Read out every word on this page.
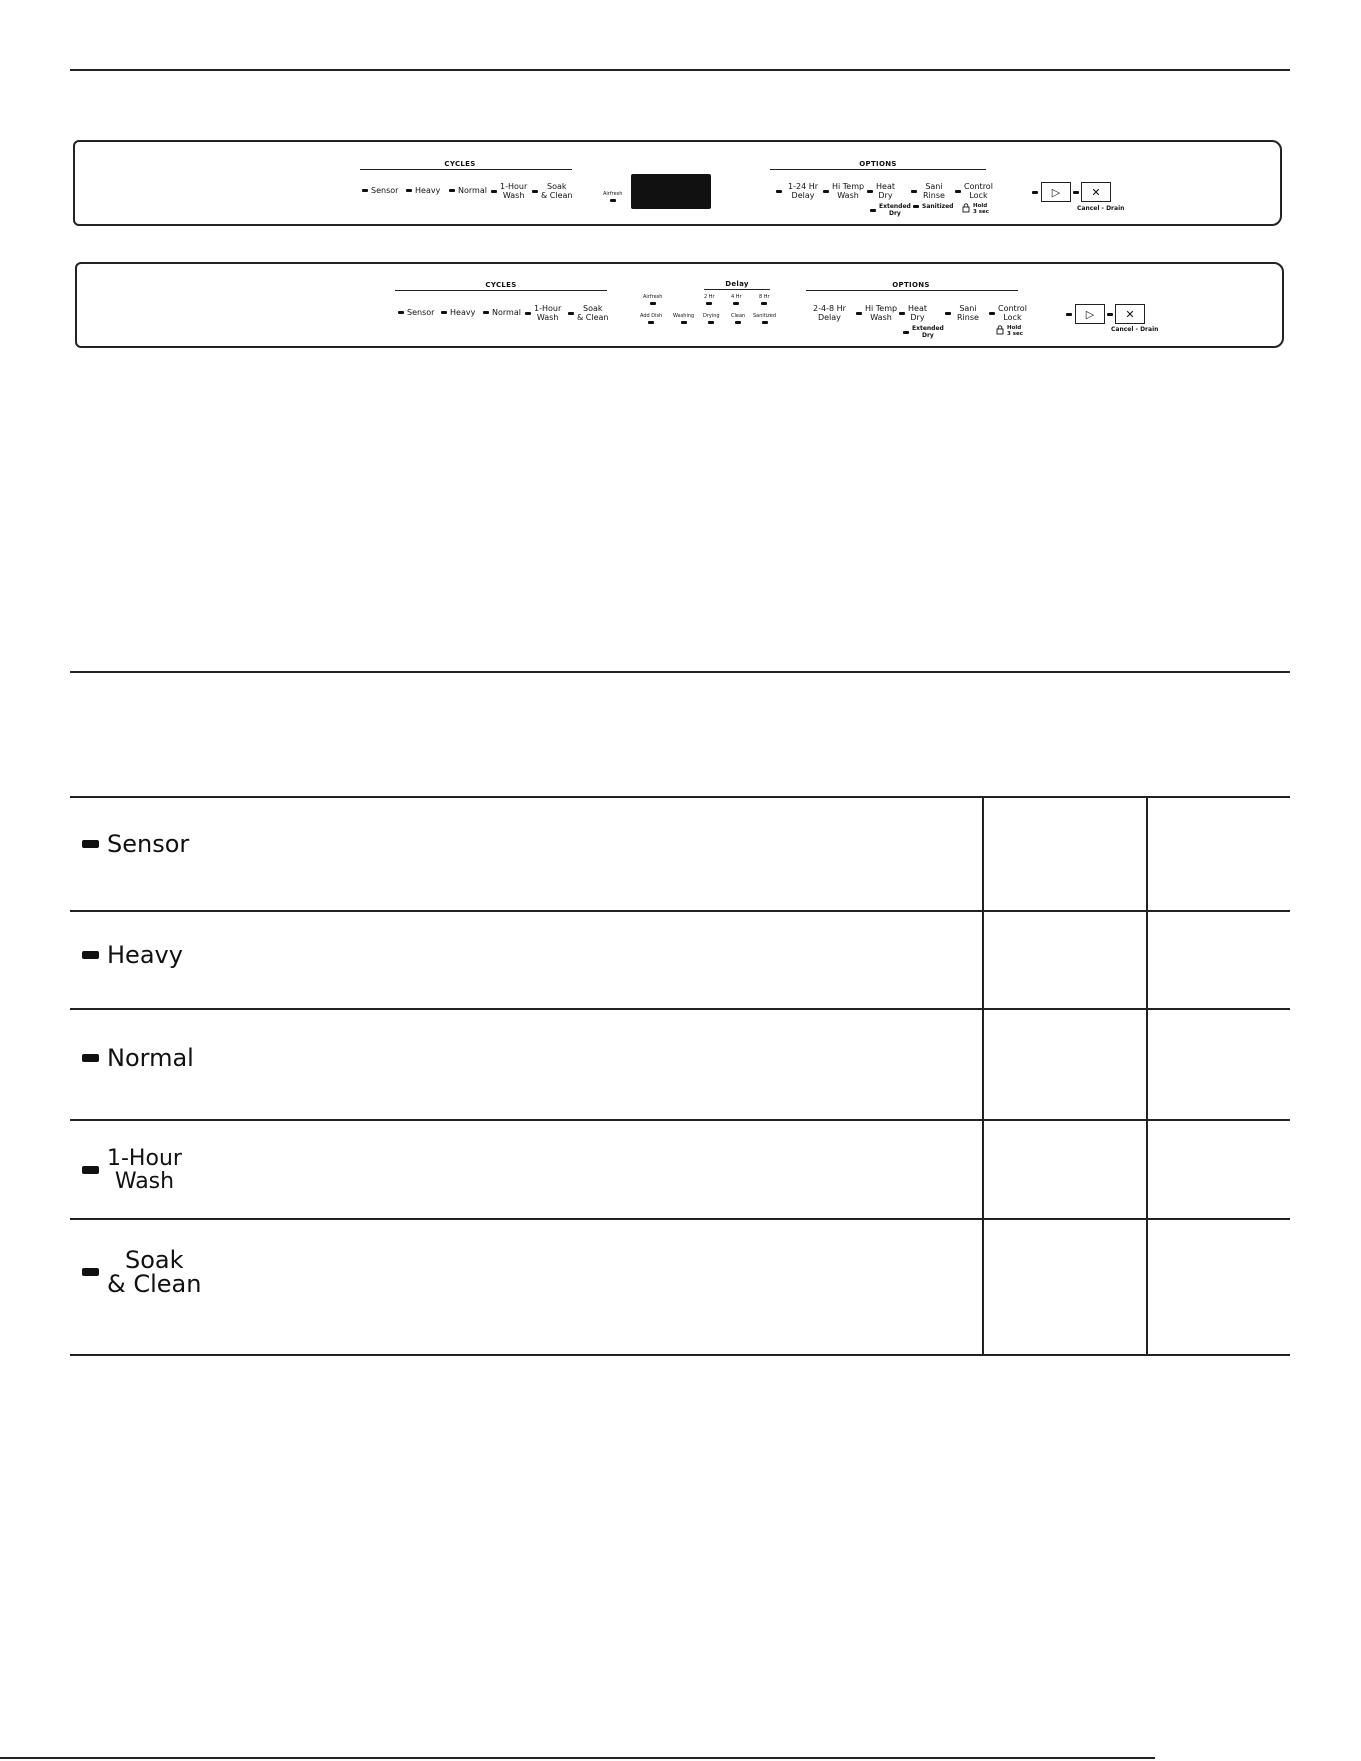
CYCLES
Sensor Heavy Normal 1-Hour
Wash
Soak
& Clean	Airfresh
OPTIONS
1-24 Hr
Delay
Hi Temp
Wash
Heat
Dry
Sani
Rinse
Control
Lock
Extended
Dry
Sanitized	Hold
3 sec
▷	✕
Cancel - Drain
CYCLES
Sensor Heavy Normal 1-Hour
Wash
Soak
& Clean
Airfresh
Delay
2 Hr	4 Hr	8 Hr
Add Dish Washing Drying Clean Sanitized
OPTIONS
2-4-8 Hr
Delay
Hi Temp
Wash
Heat
Dry
Sani
Rinse
Control
Lock
Extended
Dry
Hold
3 sec
▷	✕
Cancel - Drain
Sensor
Heavy
Normal
1-Hour
Wash
Soak
& Clean
